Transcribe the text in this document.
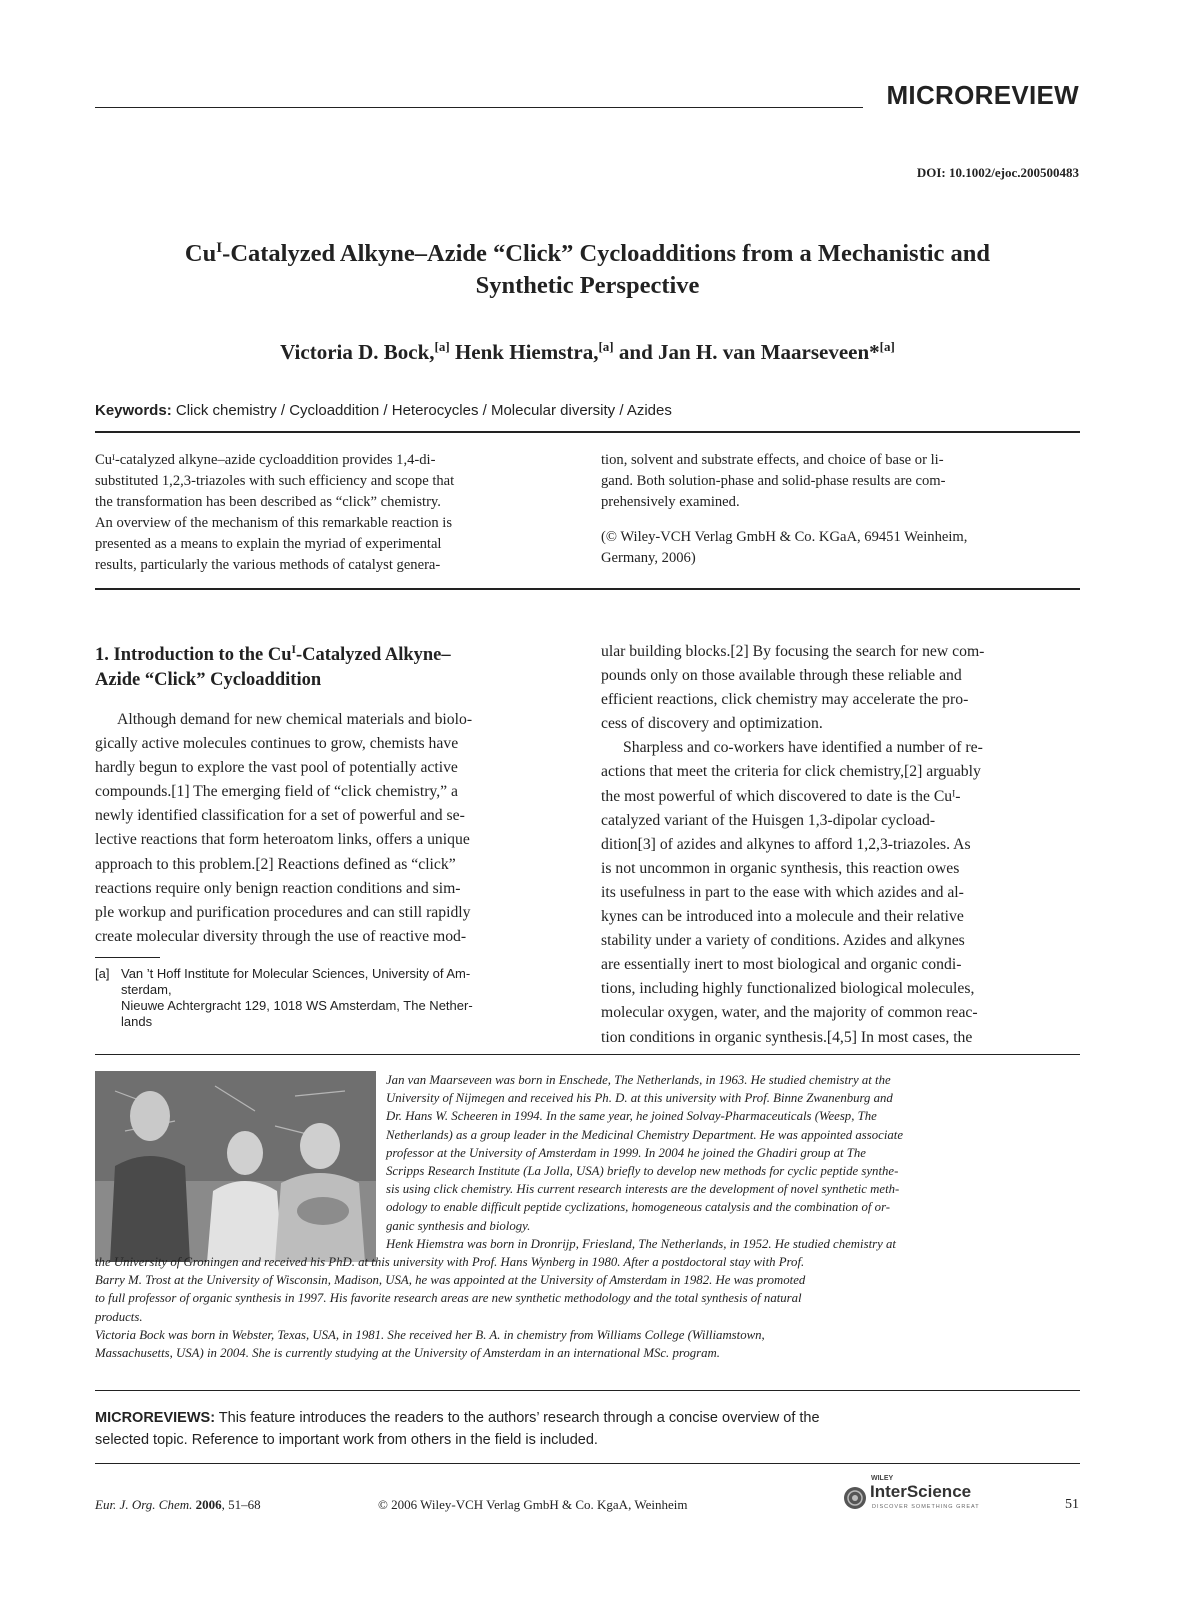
MICROREVIEW
DOI: 10.1002/ejoc.200500483
$Cu^I$-Catalyzed Alkyne–Azide “Click” Cycloadditions from a Mechanistic and
Synthetic Perspective
Victoria D. Bock,[a] Henk Hiemstra,[a] and Jan H. van Maarseveen*[a]
Keywords: Click chemistry / Cycloaddition / Heterocycles / Molecular diversity / Azides
Cuᴵ-catalyzed alkyne–azide cycloaddition provides 1,4-di-
substituted 1,2,3-triazoles with such efficiency and scope that
the transformation has been described as “click” chemistry.
An overview of the mechanism of this remarkable reaction is
presented as a means to explain the myriad of experimental
results, particularly the various methods of catalyst genera-
tion, solvent and substrate effects, and choice of base or li-
gand. Both solution-phase and solid-phase results are com-
prehensively examined.
(© Wiley-VCH Verlag GmbH & Co. KGaA, 69451 Weinheim,
Germany, 2006)
1. Introduction to the $Cu^I$-Catalyzed Alkyne–
Azide “Click” Cycloaddition
Although demand for new chemical materials and biolo-
gically active molecules continues to grow, chemists have
hardly begun to explore the vast pool of potentially active
compounds.[1] The emerging field of “click chemistry,” a
newly identified classification for a set of powerful and se-
lective reactions that form heteroatom links, offers a unique
approach to this problem.[2] Reactions defined as “click”
reactions require only benign reaction conditions and sim-
ple workup and purification procedures and can still rapidly
create molecular diversity through the use of reactive mod-
[a] Van ’t Hoff Institute for Molecular Sciences, University of Am-
sterdam,
Nieuwe Achtergracht 129, 1018 WS Amsterdam, The Nether-
lands
ular building blocks.[2] By focusing the search for new com-
pounds only on those available through these reliable and
efficient reactions, click chemistry may accelerate the pro-
cess of discovery and optimization.
Sharpless and co-workers have identified a number of re-
actions that meet the criteria for click chemistry,[2] arguably
the most powerful of which discovered to date is the Cuᴵ-
catalyzed variant of the Huisgen 1,3-dipolar cycload-
dition[3] of azides and alkynes to afford 1,2,3-triazoles. As
is not uncommon in organic synthesis, this reaction owes
its usefulness in part to the ease with which azides and al-
kynes can be introduced into a molecule and their relative
stability under a variety of conditions. Azides and alkynes
are essentially inert to most biological and organic condi-
tions, including highly functionalized biological molecules,
molecular oxygen, water, and the majority of common reac-
tion conditions in organic synthesis.[4,5] In most cases, the
Jan van Maarseveen was born in Enschede, The Netherlands, in 1963. He studied chemistry at the
University of Nijmegen and received his Ph. D. at this university with Prof. Binne Zwanenburg and
Dr. Hans W. Scheeren in 1994. In the same year, he joined Solvay-Pharmaceuticals (Weesp, The
Netherlands) as a group leader in the Medicinal Chemistry Department. He was appointed associate
professor at the University of Amsterdam in 1999. In 2004 he joined the Ghadiri group at The
Scripps Research Institute (La Jolla, USA) briefly to develop new methods for cyclic peptide synthe-
sis using click chemistry. His current research interests are the development of novel synthetic meth-
odology to enable difficult peptide cyclizations, homogeneous catalysis and the combination of or-
ganic synthesis and biology.
Henk Hiemstra was born in Dronrijp, Friesland, The Netherlands, in 1952. He studied chemistry at
the University of Groningen and received his PhD. at this university with Prof. Hans Wynberg in 1980. After a postdoctoral stay with Prof.
Barry M. Trost at the University of Wisconsin, Madison, USA, he was appointed at the University of Amsterdam in 1982. He was promoted
to full professor of organic synthesis in 1997. His favorite research areas are new synthetic methodology and the total synthesis of natural
products.
Victoria Bock was born in Webster, Texas, USA, in 1981. She received her B. A. in chemistry from Williams College (Williamstown,
Massachusetts, USA) in 2004. She is currently studying at the University of Amsterdam in an international MSc. program.
MICROREVIEWS: This feature introduces the readers to the authors’ research through a concise overview of the
selected topic. Reference to important work from others in the field is included.
Eur. J. Org. Chem. 2006, 51–68	© 2006 Wiley-VCH Verlag GmbH & Co. KgaA, Weinheim
WILEY
InterScience
DISCOVER SOMETHING GREAT	51
